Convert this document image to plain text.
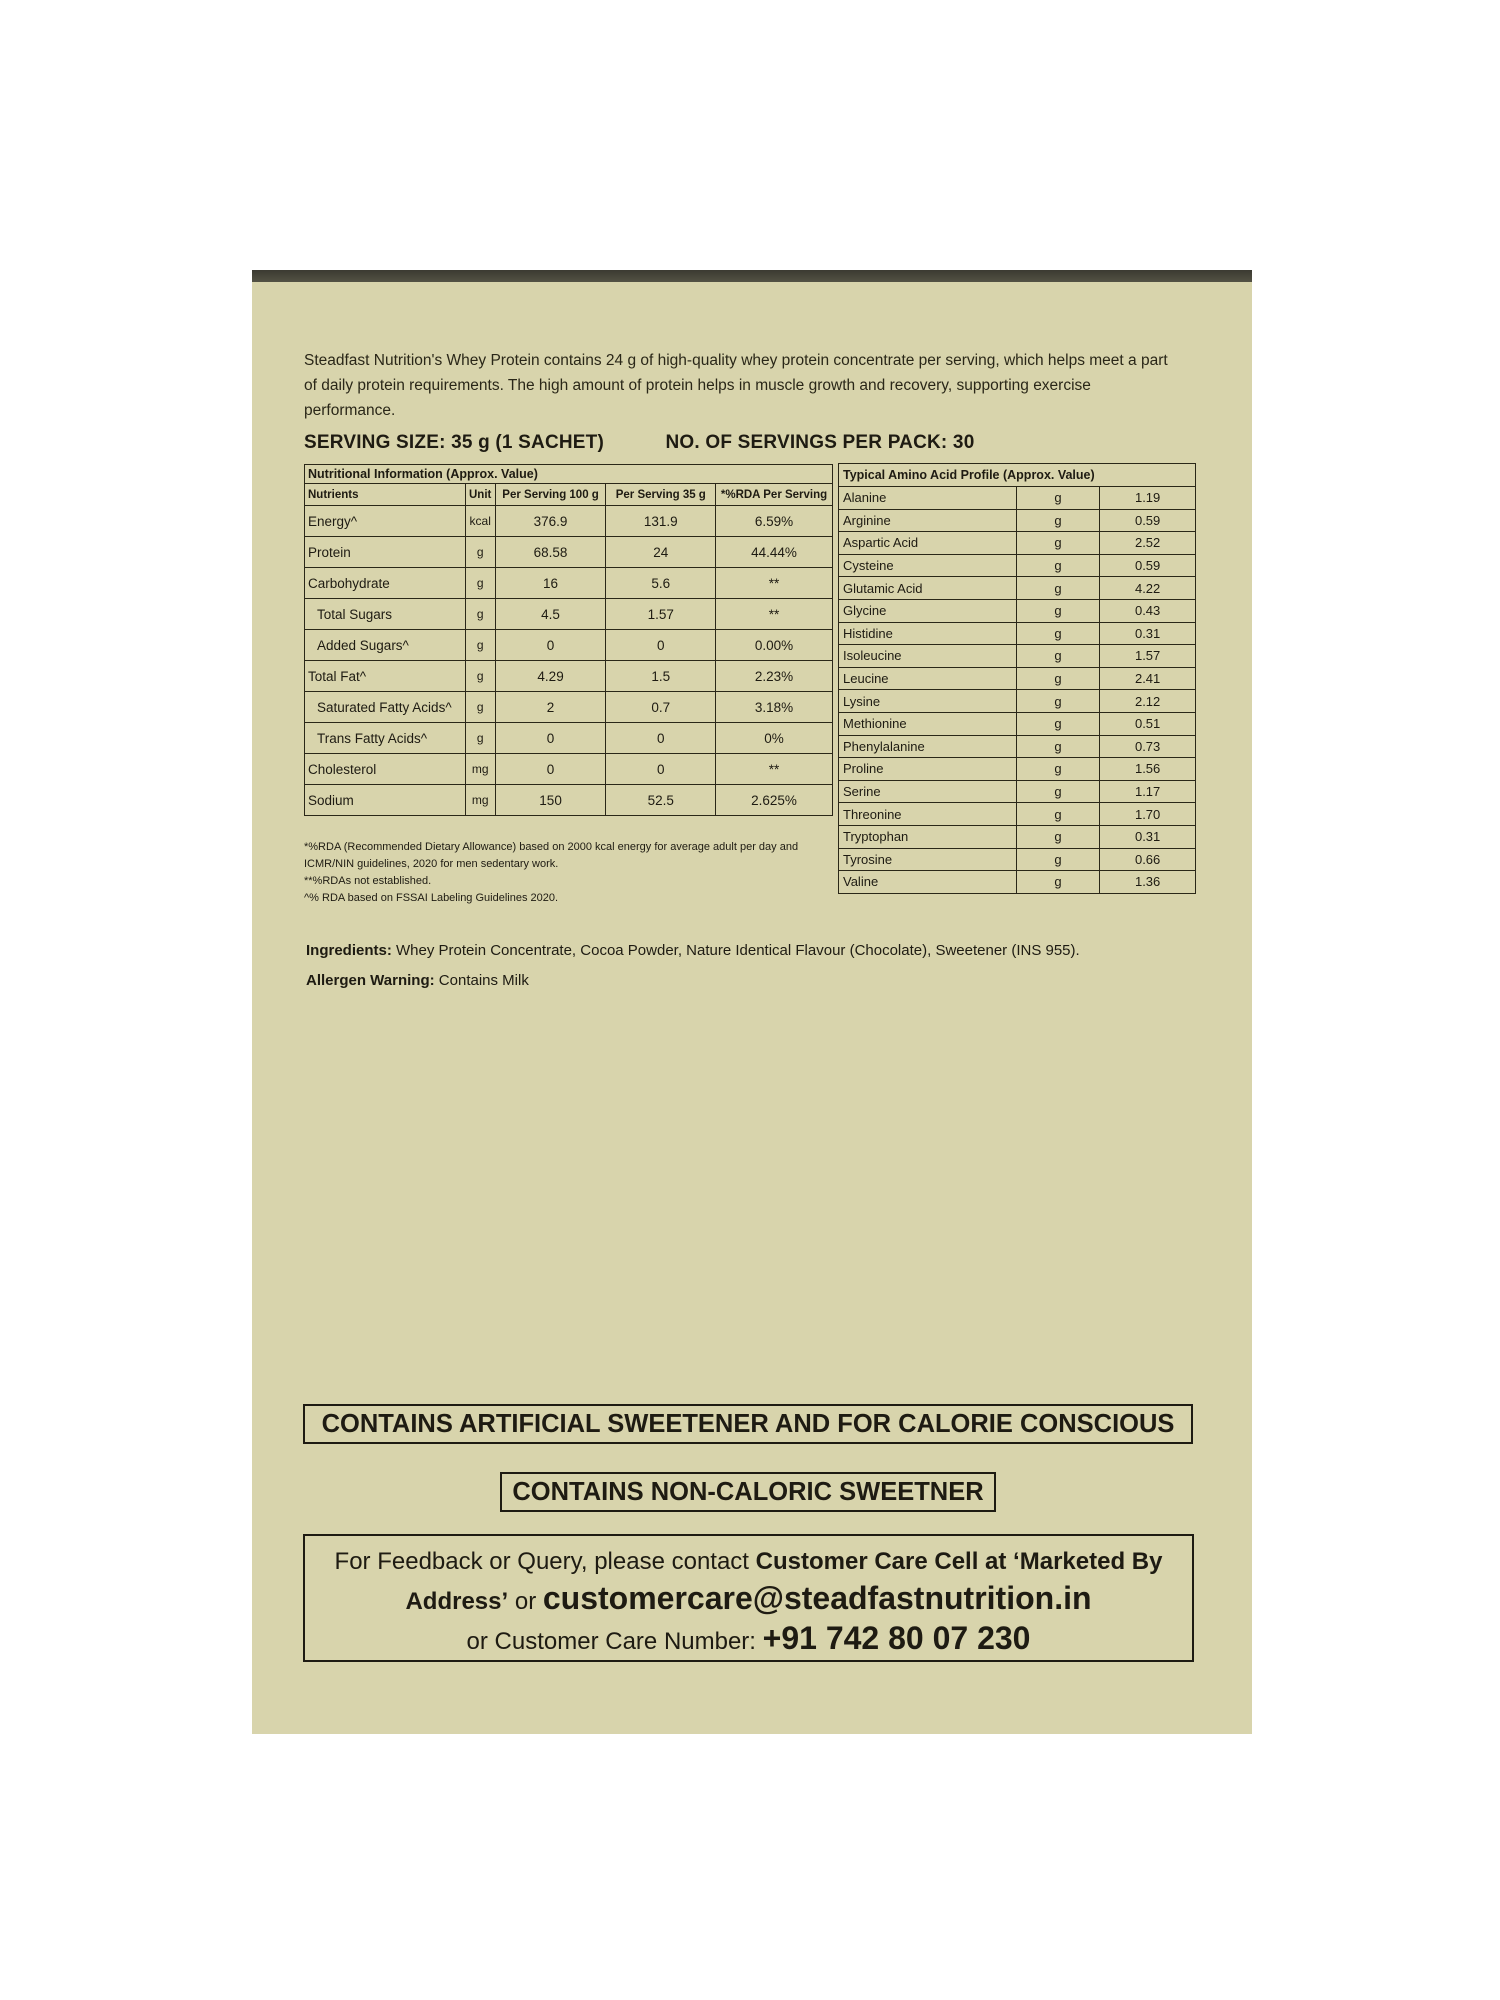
Steadfast Nutrition's Whey Protein contains 24 g of high-quality whey protein concentrate per serving, which helps meet a part of daily protein requirements. The high amount of protein helps in muscle growth and recovery, supporting exercise performance.
SERVING SIZE: 35 g (1 SACHET)	NO. OF SERVINGS PER PACK: 30
Nutritional Information (Approx. Value)				
Nutrients	Unit	Per Serving 100 g	Per Serving 35 g	*%RDA Per Serving
Energy^	kcal	376.9	131.9	6.59%
Protein	g	68.58	24	44.44%
Carbohydrate	g	16	5.6	**
Total Sugars	g	4.5	1.57	**
Added Sugars^	g	0	0	0.00%
Total Fat^	g	4.29	1.5	2.23%
Saturated Fatty Acids^	g	2	0.7	3.18%
Trans Fatty Acids^	g	0	0	0%
Cholesterol	mg	0	0	**
Sodium	mg	150	52.5	2.625%
*%RDA (Recommended Dietary Allowance) based on 2000 kcal energy for average adult per day and ICMR/NIN guidelines, 2020 for men sedentary work.
**%RDAs not established.
^% RDA based on FSSAI Labeling Guidelines 2020.
Typical Amino Acid Profile (Approx. Value)		
Alanine	g	1.19
Arginine	g	0.59
Aspartic Acid	g	2.52
Cysteine	g	0.59
Glutamic Acid	g	4.22
Glycine	g	0.43
Histidine	g	0.31
Isoleucine	g	1.57
Leucine	g	2.41
Lysine	g	2.12
Methionine	g	0.51
Phenylalanine	g	0.73
Proline	g	1.56
Serine	g	1.17
Threonine	g	1.70
Tryptophan	g	0.31
Tyrosine	g	0.66
Valine	g	1.36
Ingredients: Whey Protein Concentrate, Cocoa Powder, Nature Identical Flavour (Chocolate), Sweetener (INS 955).
Allergen Warning: Contains Milk
CONTAINS ARTIFICIAL SWEETENER AND FOR CALORIE CONSCIOUS
CONTAINS NON-CALORIC SWEETNER
For Feedback or Query, please contact Customer Care Cell at ‘Marketed By
Address’ or customercare@steadfastnutrition.in
or Customer Care Number: +91 742 80 07 230
